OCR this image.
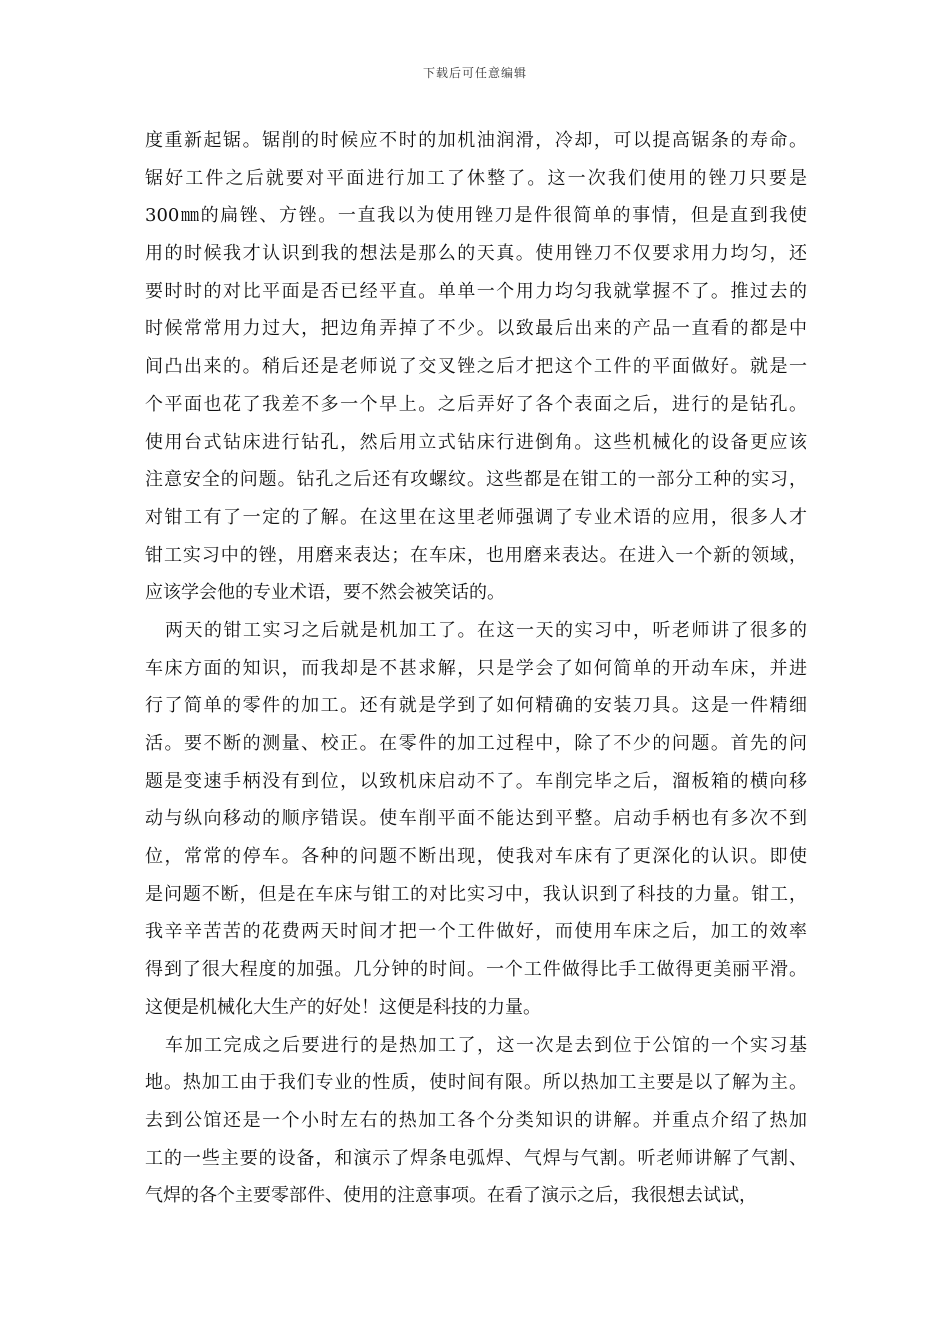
下载后可任意编辑
度重新起锯。锯削的时候应不时的加机油润滑，冷却，可以提高锯条的寿命。
锯好工件之后就要对平面进行加工了休整了。这一次我们使用的锉刀只要是
300㎜的扁锉、方锉。一直我以为使用锉刀是件很简单的事情，但是直到我使
用的时候我才认识到我的想法是那么的天真。使用锉刀不仅要求用力均匀，还
要时时的对比平面是否已经平直。单单一个用力均匀我就掌握不了。推过去的
时候常常用力过大，把边角弄掉了不少。以致最后出来的产品一直看的都是中
间凸出来的。稍后还是老师说了交叉锉之后才把这个工件的平面做好。就是一
个平面也花了我差不多一个早上。之后弄好了各个表面之后，进行的是钻孔。
使用台式钻床进行钻孔，然后用立式钻床行进倒角。这些机械化的设备更应该
注意安全的问题。钻孔之后还有攻螺纹。这些都是在钳工的一部分工种的实习，
对钳工有了一定的了解。在这里在这里老师强调了专业术语的应用，很多人才
钳工实习中的锉，用磨来表达；在车床，也用磨来表达。在进入一个新的领域，
应该学会他的专业术语，要不然会被笑话的。
两天的钳工实习之后就是机加工了。在这一天的实习中，听老师讲了很多的
车床方面的知识，而我却是不甚求解，只是学会了如何简单的开动车床，并进
行了简单的零件的加工。还有就是学到了如何精确的安装刀具。这是一件精细
活。要不断的测量、校正。在零件的加工过程中，除了不少的问题。首先的问
题是变速手柄没有到位，以致机床启动不了。车削完毕之后，溜板箱的横向移
动与纵向移动的顺序错误。使车削平面不能达到平整。启动手柄也有多次不到
位，常常的停车。各种的问题不断出现，使我对车床有了更深化的认识。即使
是问题不断，但是在车床与钳工的对比实习中，我认识到了科技的力量。钳工，
我辛辛苦苦的花费两天时间才把一个工件做好，而使用车床之后，加工的效率
得到了很大程度的加强。几分钟的时间。一个工件做得比手工做得更美丽平滑。
这便是机械化大生产的好处！这便是科技的力量。
车加工完成之后要进行的是热加工了，这一次是去到位于公馆的一个实习基
地。热加工由于我们专业的性质，使时间有限。所以热加工主要是以了解为主。
去到公馆还是一个小时左右的热加工各个分类知识的讲解。并重点介绍了热加
工的一些主要的设备，和演示了焊条电弧焊、气焊与气割。听老师讲解了气割、
气焊的各个主要零部件、使用的注意事项。在看了演示之后，我很想去试试，
